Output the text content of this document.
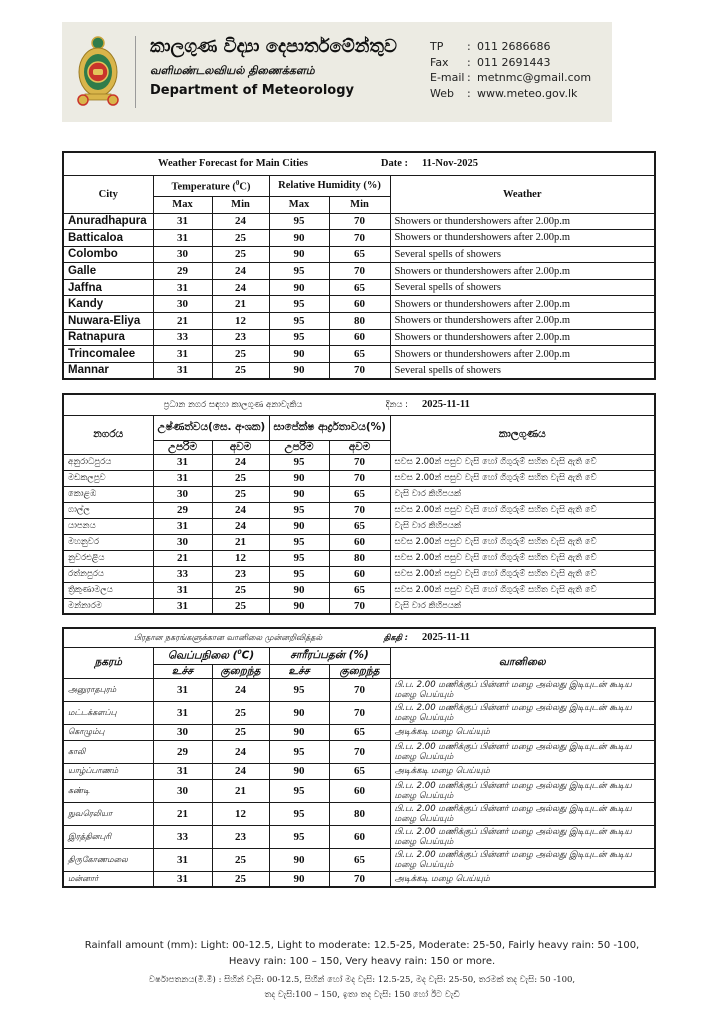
කාලගුණ විද්‍යා දෙපාර්තමේන්තුව
வளிமண்டலவியல் திணைக்களம்
Department of Meteorology
TP	: 011 2686686
Fax	: 011 2691443
E-mail : metnmc@gmail.com
Web	: www.meteo.gov.lk
Weather Forecast for Main Cities Date : 11-Nov-2025					

City	Temperature ($^0$C)		Relative Humidity (%)		Weather
	Max	Min	Max	Min	
Anuradhapura	31	24	95	70	Showers or thundershowers after 2.00p.m
Batticaloa	31	25	90	70	Showers or thundershowers after 2.00p.m
Colombo	30	25	90	65	Several spells of showers
Galle	29	24	95	70	Showers or thundershowers after 2.00p.m
Jaffna	31	24	90	65	Several spells of showers
Kandy	30	21	95	60	Showers or thundershowers after 2.00p.m
Nuwara-Eliya	21	12	95	80	Showers or thundershowers after 2.00p.m
Ratnapura	33	23	95	60	Showers or thundershowers after 2.00p.m
Trincomalee	31	25	90	65	Showers or thundershowers after 2.00p.m
Mannar	31	25	90	70	Several spells of showers
ප්‍රධාන නගර සඳහා කාලගුණ අනාවැකිය දිනය : 2025-11-11					

නගරය	උෂ්ණත්වය(සෙ. අංශක)		සාපේක්ෂ ආර්ද්‍රතාවය(%)		කාලගුණය
	උපරිම	අවම	උපරිම	අවම	
අනුරාධපුරය	31	24	95	70	සවස 2.00න් පසුව වැසි හෝ ගිගුරුම් සහිත වැසි ඇති වේ
මඩකලපුව	31	25	90	70	සවස 2.00න් පසුව වැසි හෝ ගිගුරුම් සහිත වැසි ඇති වේ
කොළඹ	30	25	90	65	වැසි වාර කිහිපයක්
ගාල්ල	29	24	95	70	සවස 2.00න් පසුව වැසි හෝ ගිගුරුම් සහිත වැසි ඇති වේ
යාපනය	31	24	90	65	වැසි වාර කිහිපයක්
මහනුවර	30	21	95	60	සවස 2.00න් පසුව වැසි හෝ ගිගුරුම් සහිත වැසි ඇති වේ
නුවරඑළිය	21	12	95	80	සවස 2.00න් පසුව වැසි හෝ ගිගුරුම් සහිත වැසි ඇති වේ
රත්නපුරය	33	23	95	60	සවස 2.00න් පසුව වැසි හෝ ගිගුරුම් සහිත වැසි ඇති වේ
ත්‍රිකුණාමලය	31	25	90	65	සවස 2.00න් පසුව වැසි හෝ ගිගුරුම් සහිත වැසි ඇති වේ
මන්නාරම	31	25	90	70	වැසි වාර කිහිපයක්
பிரதான நகரங்களுக்கான வானிலை முன்னறிவித்தல் திகதி : 2025-11-11					

நகரம்	வெப்பநிலை ($^0$C)		சாரீரப்பதன் (%)		வானிலை
	உச்ச	குறைந்த	உச்ச	குறைந்த	
அனுராதபுரம்	31	24	95	70	பி.ப. 2.00 மணிக்குப் பின்னர் மழை அல்லது இடியுடன் கூடிய மழை பெய்யும்
மட்டக்களப்பு	31	25	90	70	பி.ப. 2.00 மணிக்குப் பின்னர் மழை அல்லது இடியுடன் கூடிய மழை பெய்யும்
கொழும்பு	30	25	90	65	அடிக்கடி மழை பெய்யும்
காலி	29	24	95	70	பி.ப. 2.00 மணிக்குப் பின்னர் மழை அல்லது இடியுடன் கூடிய மழை பெய்யும்
யாழ்ப்பாணம்	31	24	90	65	அடிக்கடி மழை பெய்யும்
கண்டி	30	21	95	60	பி.ப. 2.00 மணிக்குப் பின்னர் மழை அல்லது இடியுடன் கூடிய மழை பெய்யும்
நுவரெலியா	21	12	95	80	பி.ப. 2.00 மணிக்குப் பின்னர் மழை அல்லது இடியுடன் கூடிய மழை பெய்யும்
இரத்தினபுரி	33	23	95	60	பி.ப. 2.00 மணிக்குப் பின்னர் மழை அல்லது இடியுடன் கூடிய மழை பெய்யும்
திருகோணமலை	31	25	90	65	பி.ப. 2.00 மணிக்குப் பின்னர் மழை அல்லது இடியுடன் கூடிய மழை பெய்யும்
மன்னார்	31	25	90	70	அடிக்கடி மழை பெய்யும்
Rainfall amount (mm): Light: 00-12.5, Light to moderate: 12.5-25, Moderate: 25-50, Fairly heavy rain: 50 -100,
Heavy rain: 100 – 150, Very heavy rain: 150 or more.
වර්ෂාපතනය(මි.මී) : සිහින් වැසි: 00-12.5, සිහින් හෝ මද වැසි: 12.5-25, මද වැසි: 25-50, තරමක් තද වැසි: 50 -100,
තද වැසි:100 – 150, ඉතා තද වැසි: 150 හෝ ඊට වැඩි
